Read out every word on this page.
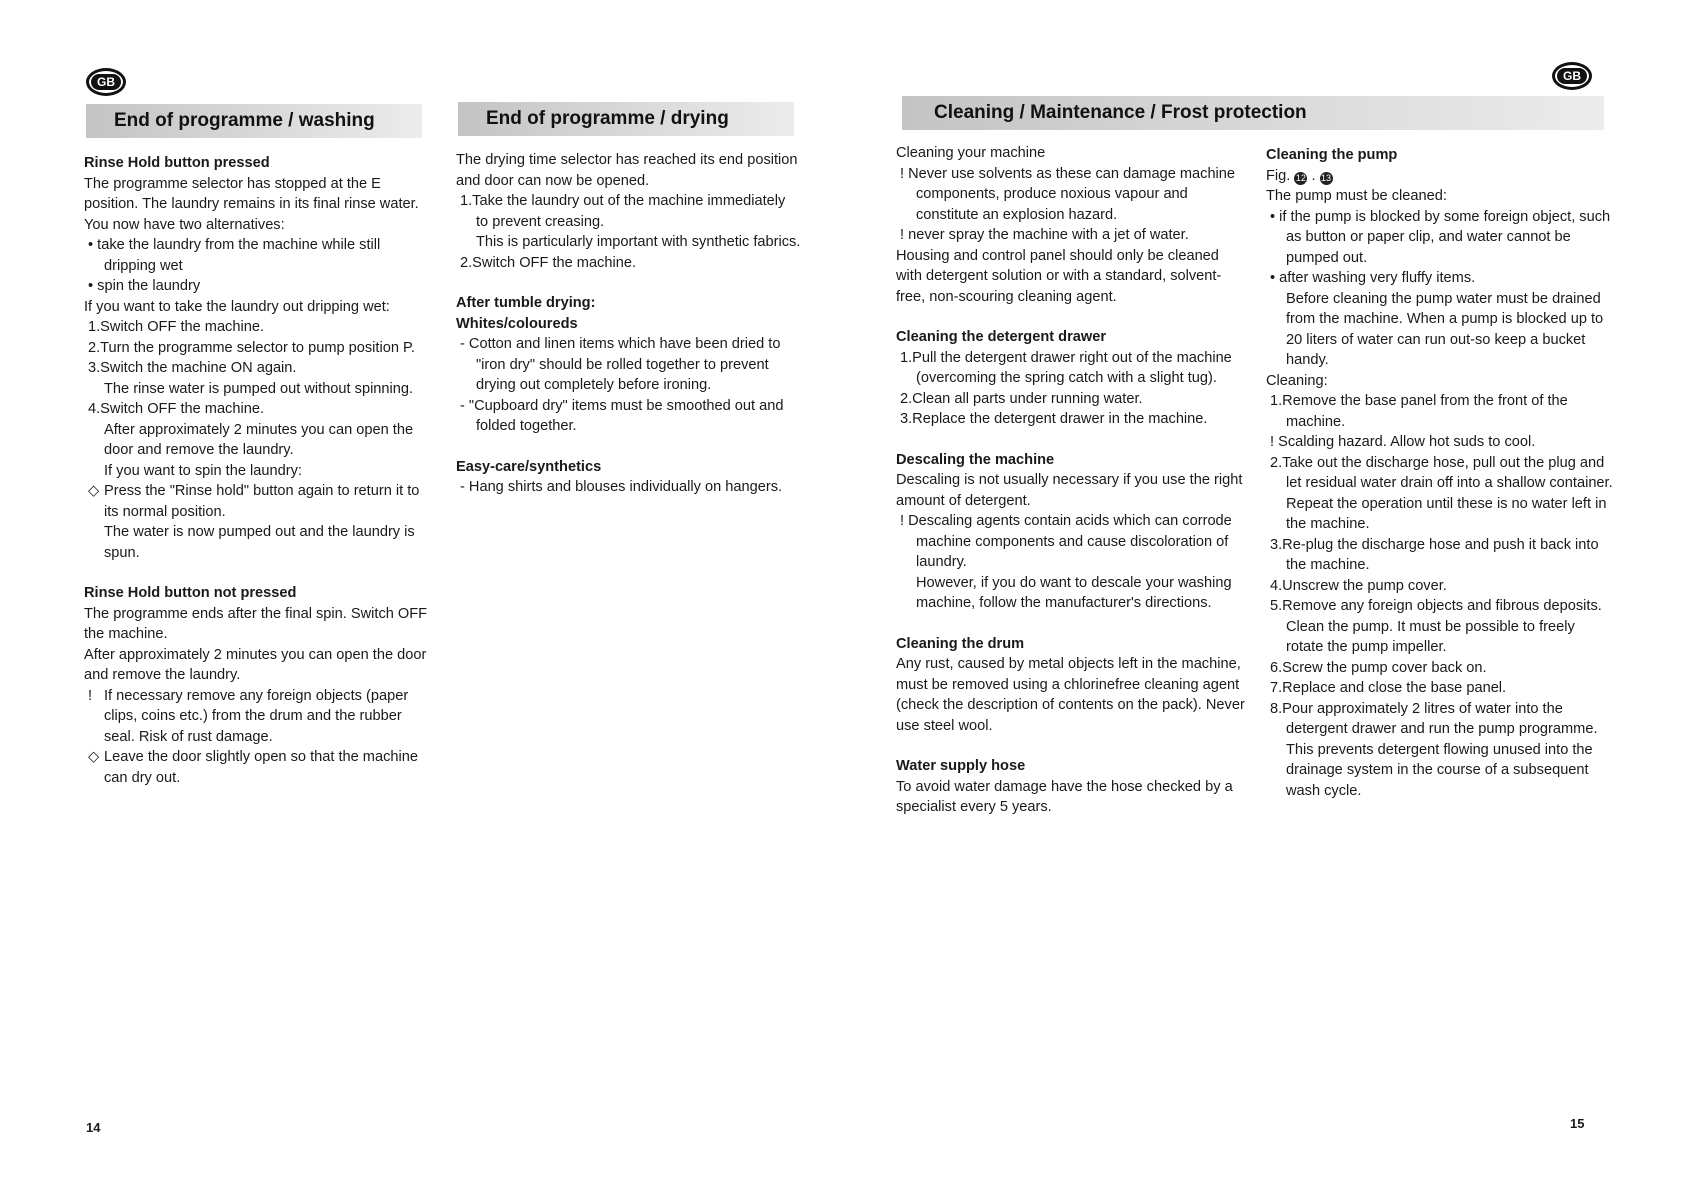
GB
End of programme / washing	End of programme / drying

Rinse Hold button pressed

The programme selector has stopped at the E position. The laundry remains in its final rinse water. You now have two alternatives:

• take the laundry from the machine while still dripping wet

• spin the laundry

If you want to take the laundry out dripping wet:

1.Switch OFF the machine.

2.Turn the programme selector to pump position P.

3.Switch the machine ON again.

The rinse water is pumped out without spinning.

4.Switch OFF the machine.

After approximately 2 minutes you can open the door and remove the laundry.

If you want to spin the laundry:

◇ Press the "Rinse hold" button again to return it to its normal position.

The water is now pumped out and the laundry is spun.

Rinse Hold button not pressed

The programme ends after the final spin. Switch OFF the machine.

After approximately 2 minutes you can open the door and remove the laundry.

! If necessary remove any foreign objects (paper clips, coins etc.) from the drum and the rubber seal. Risk of rust damage.

◇ Leave the door slightly open so that the machine can dry out.

The drying time selector has reached its end position and door can now be opened.

1.Take the laundry out of the machine immediately to prevent creasing.

This is particularly important with synthetic fabrics.

2.Switch OFF the machine.

After tumble drying:

Whites/coloureds

- Cotton and linen items which have been dried to "iron dry" should be rolled together to prevent drying out completely before ironing.

- "Cupboard dry" items must be smoothed out and folded together.

Easy-care/synthetics

- Hang shirts and blouses individually on hangers.

14
GB
Cleaning / Maintenance / Frost protection

Cleaning your machine

! Never use solvents as these can damage machine components, produce noxious vapour and constitute an explosion hazard.

! never spray the machine with a jet of water.

Housing and control panel should only be cleaned with detergent solution or with a standard, solvent-free, non-scouring cleaning agent.

Cleaning the detergent drawer

1.Pull the detergent drawer right out of the machine (overcoming the spring catch with a slight tug).

2.Clean all parts under running water.

3.Replace the detergent drawer in the machine.

Descaling the machine

Descaling is not usually necessary if you use the right amount of detergent.

! Descaling agents contain acids which can corrode machine components and cause discoloration of laundry.

However, if you do want to descale your washing machine, follow the manufacturer's directions.

Cleaning the drum

Any rust, caused by metal objects left in the machine, must be removed using a chlorinefree cleaning agent (check the description of contents on the pack). Never use steel wool.

Water supply hose

To avoid water damage have the hose checked by a specialist every 5 years.

Cleaning the pump

Fig. 12 . 13

The pump must be cleaned:

• if the pump is blocked by some foreign object, such as button or paper clip, and water cannot be pumped out.

• after washing very fluffy items.

Before cleaning the pump water must be drained from the machine. When a pump is blocked up to 20 liters of water can run out-so keep a bucket handy.

Cleaning:

1.Remove the base panel from the front of the machine.

! Scalding hazard. Allow hot suds to cool.

2.Take out the discharge hose, pull out the plug and let residual water drain off into a shallow container. Repeat the operation until these is no water left in the machine.

3.Re-plug the discharge hose and push it back into the machine.

4.Unscrew the pump cover.

5.Remove any foreign objects and fibrous deposits. Clean the pump. It must be possible to freely rotate the pump impeller.

6.Screw the pump cover back on.

7.Replace and close the base panel.

8.Pour approximately 2 litres of water into the detergent drawer and run the pump programme. This prevents detergent flowing unused into the drainage system in the course of a subsequent wash cycle.

15
